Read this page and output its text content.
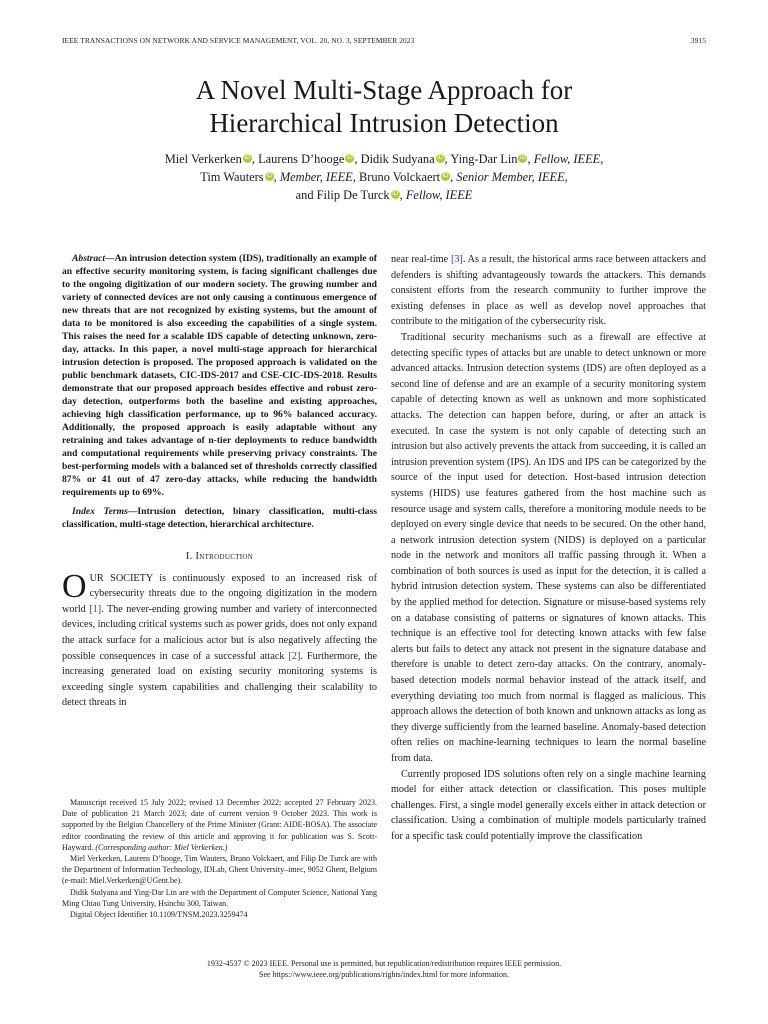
IEEE TRANSACTIONS ON NETWORK AND SERVICE MANAGEMENT, VOL. 20, NO. 3, SEPTEMBER 2023	3915
A Novel Multi-Stage Approach for
Hierarchical Intrusion Detection
Miel Verkerken iD , Laurens D’hooge iD , Didik Sudyana iD , Ying-Dar Lin iD , Fellow, IEEE,
Tim Wauters iD , Member, IEEE, Bruno Volckaert iD , Senior Member, IEEE,
and Filip De Turck iD , Fellow, IEEE

Abstract—An intrusion detection system (IDS), traditionally an example of an effective security monitoring system, is facing significant challenges due to the ongoing digitization of our modern society. The growing number and variety of connected devices are not only causing a continuous emergence of new threats that are not recognized by existing systems, but the amount of data to be monitored is also exceeding the capabilities of a single system. This raises the need for a scalable IDS capable of detecting unknown, zero-day, attacks. In this paper, a novel multi-stage approach for hierarchical intrusion detection is proposed. The proposed approach is validated on the public benchmark datasets, CIC-IDS-2017 and CSE-CIC-IDS-2018. Results demonstrate that our proposed approach besides effective and robust zero-day detection, outperforms both the baseline and existing approaches, achieving high classification performance, up to 96% balanced accuracy. Additionally, the proposed approach is easily adaptable without any retraining and takes advantage of n-tier deployments to reduce bandwidth and computational requirements while preserving privacy constraints. The best-performing models with a balanced set of thresholds correctly classified 87% or 41 out of 47 zero-day attacks, while reducing the bandwidth requirements up to 69%.

Index Terms—Intrusion detection, binary classification, multi-class classification, multi-stage detection, hierarchical architecture.

I. Introduction

OUR SOCIETY is continuously exposed to an increased risk of cybersecurity threats due to the ongoing digitization in the modern world [1]. The never-ending growing number and variety of interconnected devices, including critical systems such as power grids, does not only expand the attack surface for a malicious actor but is also negatively affecting the possible consequences in case of a successful attack [2]. Furthermore, the increasing generated load on existing security monitoring systems is exceeding single system capabilities and challenging their scalability to detect threats in

Manuscript received 15 July 2022; revised 13 December 2022; accepted 27 February 2023. Date of publication 21 March 2023; date of current version 9 October 2023. This work is supported by the Belgian Chancellery of the Prime Minister (Grant: AIDE-BOSA). The associate editor coordinating the review of this article and approving it for publication was S. Scott-Hayward. (Corresponding author: Miel Verkerken.)

Miel Verkerken, Laurens D’hooge, Tim Wauters, Bruno Volckaert, and Filip De Turck are with the Department of Information Technology, IDLab, Ghent University–imec, 9052 Ghent, Belgium (e-mail: Miel.Verkerken@UGent.be).

Didik Sudyana and Ying-Dar Lin are with the Department of Computer Science, National Yang Ming Chiao Tung University, Hsinchu 300, Taiwan.

Digital Object Identifier 10.1109/TNSM.2023.3259474

near real-time [3]. As a result, the historical arms race between attackers and defenders is shifting advantageously towards the attackers. This demands consistent efforts from the research community to further improve the existing defenses in place as well as develop novel approaches that contribute to the mitigation of the cybersecurity risk.

Traditional security mechanisms such as a firewall are effective at detecting specific types of attacks but are unable to detect unknown or more advanced attacks. Intrusion detection systems (IDS) are often deployed as a second line of defense and are an example of a security monitoring system capable of detecting known as well as unknown and more sophisticated attacks. The detection can happen before, during, or after an attack is executed. In case the system is not only capable of detecting such an intrusion but also actively prevents the attack from succeeding, it is called an intrusion prevention system (IPS). An IDS and IPS can be categorized by the source of the input used for detection. Host-based intrusion detection systems (HIDS) use features gathered from the host machine such as resource usage and system calls, therefore a monitoring module needs to be deployed on every single device that needs to be secured. On the other hand, a network intrusion detection system (NIDS) is deployed on a particular node in the network and monitors all traffic passing through it. When a combination of both sources is used as input for the detection, it is called a hybrid intrusion detection system. These systems can also be differentiated by the applied method for detection. Signature or misuse-based systems rely on a database consisting of patterns or signatures of known attacks. This technique is an effective tool for detecting known attacks with few false alerts but fails to detect any attack not present in the signature database and therefore is unable to detect zero-day attacks. On the contrary, anomaly-based detection models normal behavior instead of the attack itself, and everything deviating too much from normal is flagged as malicious. This approach allows the detection of both known and unknown attacks as long as they diverge sufficiently from the learned baseline. Anomaly-based detection often relies on machine-learning techniques to learn the normal baseline from data.

Currently proposed IDS solutions often rely on a single machine learning model for either attack detection or classification. This poses multiple challenges. First, a single model generally excels either in attack detection or classification. Using a combination of multiple models particularly trained for a specific task could potentially improve the classification

1932-4537 © 2023 IEEE. Personal use is permitted, but republication/redistribution requires IEEE permission.
See https://www.ieee.org/publications/rights/index.html for more information.
